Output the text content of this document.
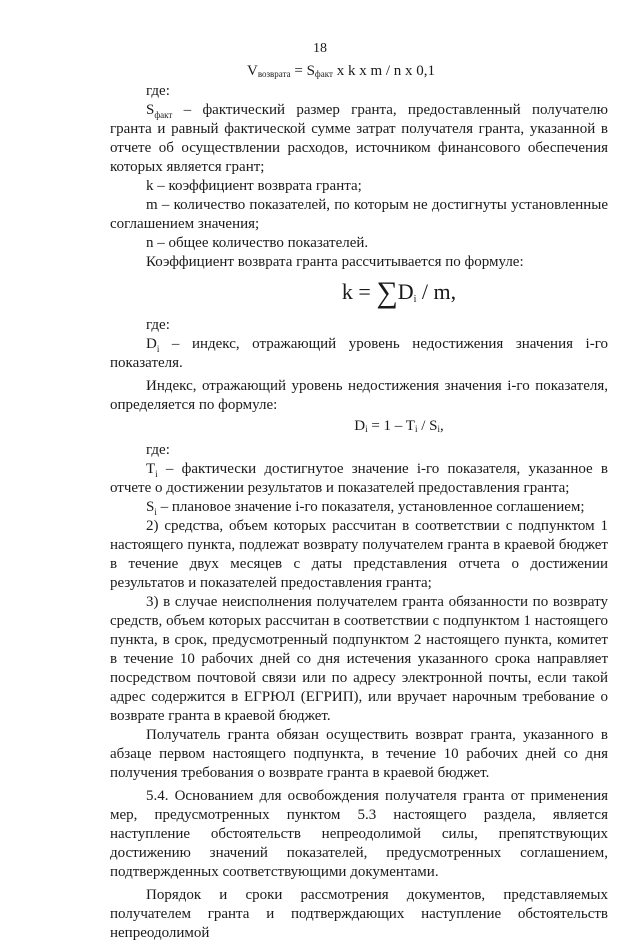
18
$V_{возврата} = S_{факт}$ x k x m / n x 0,1

где:

$S_{факт}$ – фактический размер гранта, предоставленный получателю гранта и равный фактической сумме затрат получателя гранта, указанной в отчете об осуществлении расходов, источником финансового обеспечения которых является грант;

k – коэффициент возврата гранта;

m – количество показателей, по которым не достигнуты установленные соглашением значения;

n – общее количество показателей.

Коэффициент возврата гранта рассчитывается по формуле:

$k = \sum D_i / m$,

где:

$D_i$ – индекс, отражающий уровень недостижения значения i-го показателя.

Индекс, отражающий уровень недостижения значения i-го показателя, определяется по формуле:

$D_i = 1 - T_i / S_i$,

где:

$T_i$ – фактически достигнутое значение i-го показателя, указанное в отчете о достижении результатов и показателей предоставления гранта;

$S_i$ – плановое значение i-го показателя, установленное соглашением;

2) средства, объем которых рассчитан в соответствии с подпунктом 1 настоящего пункта, подлежат возврату получателем гранта в краевой бюджет в течение двух месяцев с даты представления отчета о достижении результатов и показателей предоставления гранта;

3) в случае неисполнения получателем гранта обязанности по возврату средств, объем которых рассчитан в соответствии с подпунктом 1 настоящего пункта, в срок, предусмотренный подпунктом 2 настоящего пункта, комитет в течение 10 рабочих дней со дня истечения указанного срока направляет посредством почтовой связи или по адресу электронной почты, если такой адрес содержится в ЕГРЮЛ (ЕГРИП), или вручает нарочным требование о возврате гранта в краевой бюджет.

Получатель гранта обязан осуществить возврат гранта, указанного в абзаце первом настоящего подпункта, в течение 10 рабочих дней со дня получения требования о возврате гранта в краевой бюджет.

5.4. Основанием для освобождения получателя гранта от применения мер, предусмотренных пунктом 5.3 настоящего раздела, является наступление обстоятельств непреодолимой силы, препятствующих достижению значений показателей, предусмотренных соглашением, подтвержденных соответствующими документами.

Порядок и сроки рассмотрения документов, представляемых получателем гранта и подтверждающих наступление обстоятельств непреодолимой
